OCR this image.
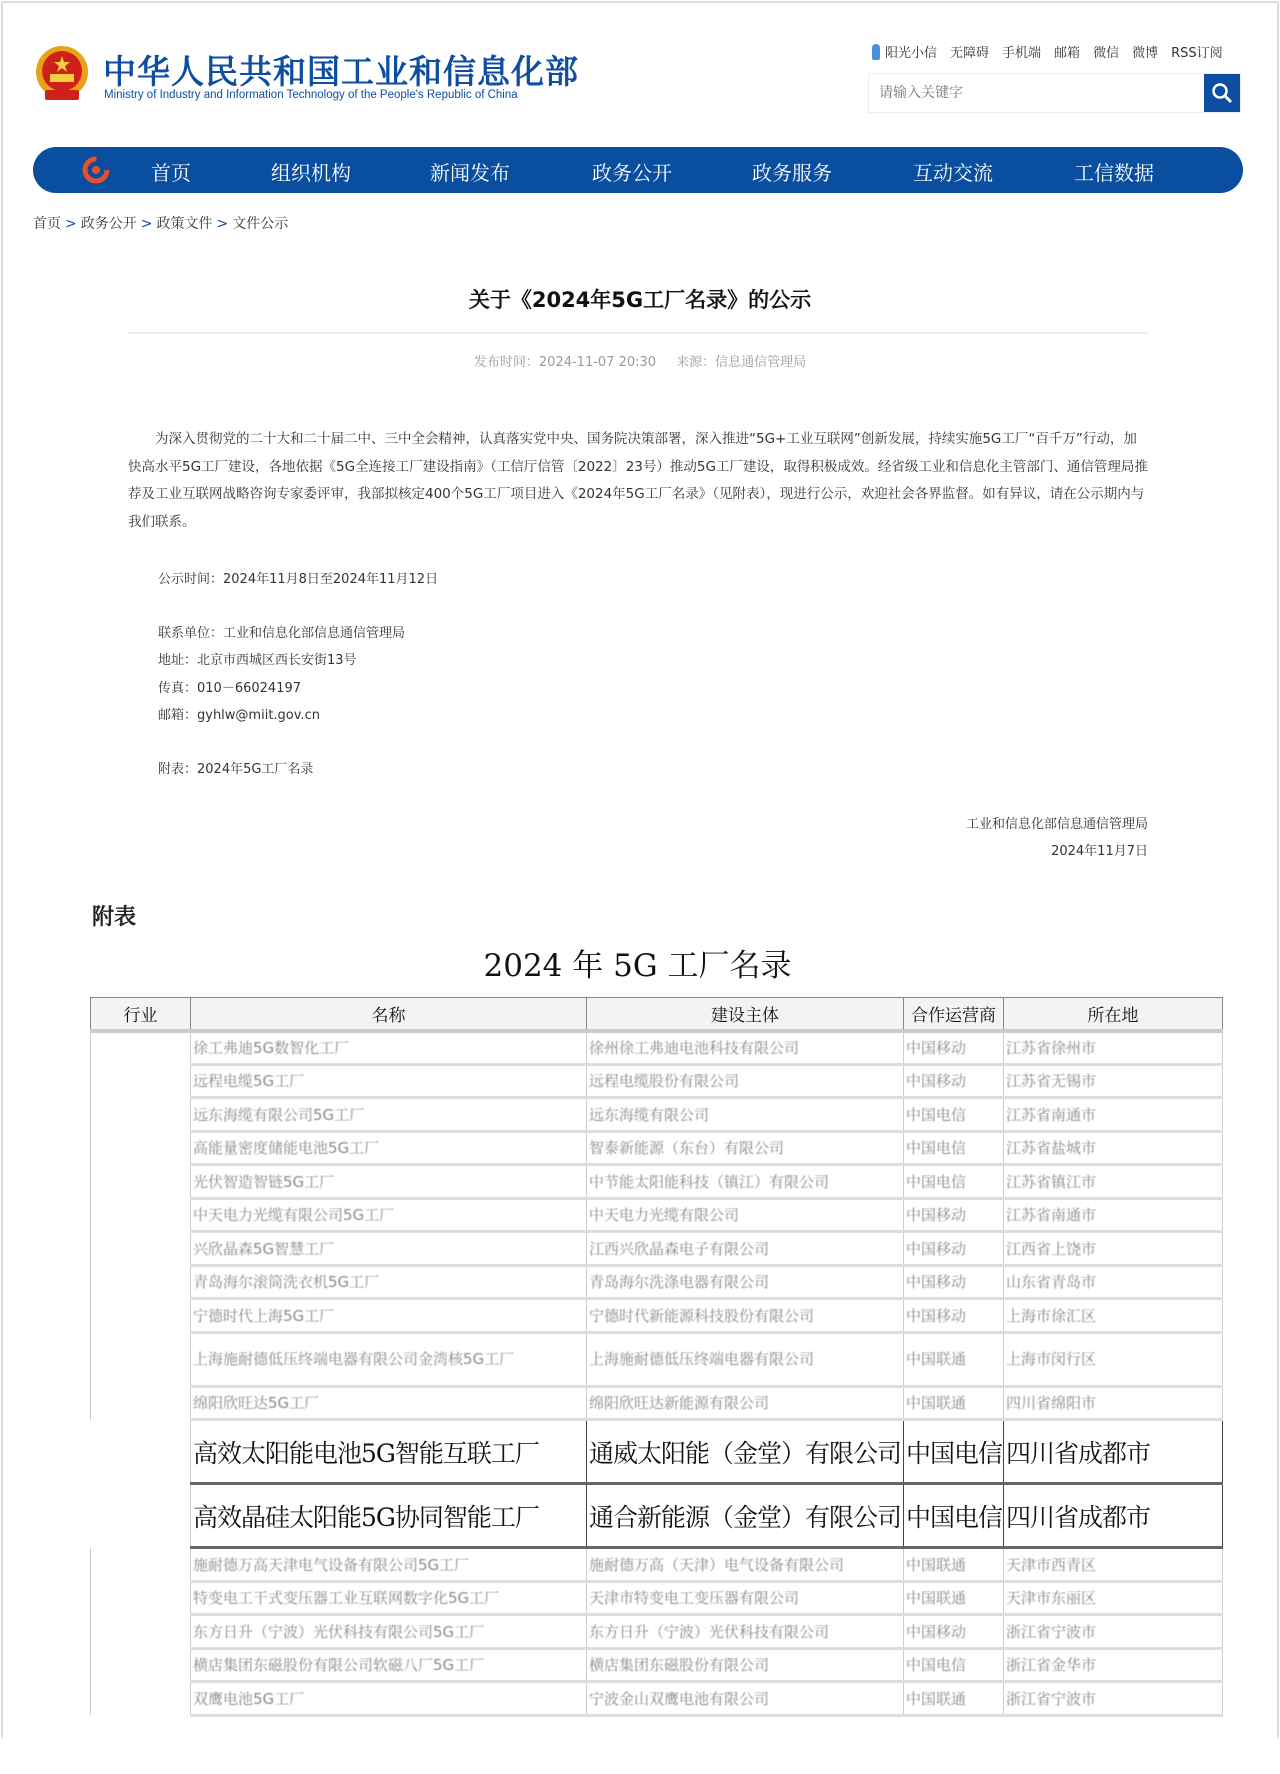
中华人民共和国工业和信息化部
Ministry of Industry and Information Technology of the People's Republic of China
阳光小信 无障碍 手机端 邮箱 微信 微博 RSS订阅
请输入关键字
首页	组织机构	新闻发布	政务公开	政务服务	互动交流	工信数据
首页 > 政务公开 > 政策文件 > 文件公示
关于《2024年5G工厂名录》的公示
发布时间：2024-11-07 20:30 来源：信息通信管理局
为深入贯彻党的二十大和二十届二中、三中全会精神，认真落实党中央、国务院决策部署，深入推进“5G+工业互联网”创新发展，持续实施5G工厂“百千万”行动，加快高水平5G工厂建设，各地依据《5G全连接工厂建设指南》（工信厅信管〔2022〕23号）推动5G工厂建设，取得积极成效。经省级工业和信息化主管部门、通信管理局推荐及工业互联网战略咨询专家委评审，我部拟核定400个5G工厂项目进入《2024年5G工厂名录》（见附表），现进行公示，欢迎社会各界监督。如有异议，请在公示期内与我们联系。
公示时间：2024年11月8日至2024年11月12日
联系单位：工业和信息化部信息通信管理局
地址：北京市西城区西长安街13号
传真：010－66024197
邮箱：gyhlw@miit.gov.cn
附表：2024年5G工厂名录
工业和信息化部信息通信管理局
2024年11月7日
附表
2024 年 5G 工厂名录
行业	名称	建设主体	合作运营商	所在地
	徐工弗迪5G数智化工厂	徐州徐工弗迪电池科技有限公司	中国移动	江苏省徐州市
	远程电缆5G工厂	远程电缆股份有限公司	中国移动	江苏省无锡市
	远东海缆有限公司5G工厂	远东海缆有限公司	中国电信	江苏省南通市
	高能量密度储能电池5G工厂	智泰新能源（东台）有限公司	中国电信	江苏省盐城市
	光伏智造智链5G工厂	中节能太阳能科技（镇江）有限公司	中国电信	江苏省镇江市
	中天电力光缆有限公司5G工厂	中天电力光缆有限公司	中国移动	江苏省南通市
	兴欣晶森5G智慧工厂	江西兴欣晶森电子有限公司	中国移动	江西省上饶市
	青岛海尔滚筒洗衣机5G工厂	青岛海尔洗涤电器有限公司	中国移动	山东省青岛市
	宁德时代上海5G工厂	宁德时代新能源科技股份有限公司	中国移动	上海市徐汇区
	上海施耐德低压终端电器有限公司金湾核5G工厂	上海施耐德低压终端电器有限公司	中国联通	上海市闵行区
	绵阳欣旺达5G工厂	绵阳欣旺达新能源有限公司	中国联通	四川省绵阳市
	高效太阳能电池5G智能互联工厂	通威太阳能（金堂）有限公司	中国电信	四川省成都市
	高效晶硅太阳能5G协同智能工厂	通合新能源（金堂）有限公司	中国电信	四川省成都市
	施耐德万高天津电气设备有限公司5G工厂	施耐德万高（天津）电气设备有限公司	中国联通	天津市西青区
	特变电工干式变压器工业互联网数字化5G工厂	天津市特变电工变压器有限公司	中国联通	天津市东丽区
	东方日升（宁波）光伏科技有限公司5G工厂	东方日升（宁波）光伏科技有限公司	中国移动	浙江省宁波市
	横店集团东磁股份有限公司软磁八厂5G工厂	横店集团东磁股份有限公司	中国电信	浙江省金华市
	双鹰电池5G工厂	宁波金山双鹰电池有限公司	中国联通	浙江省宁波市
